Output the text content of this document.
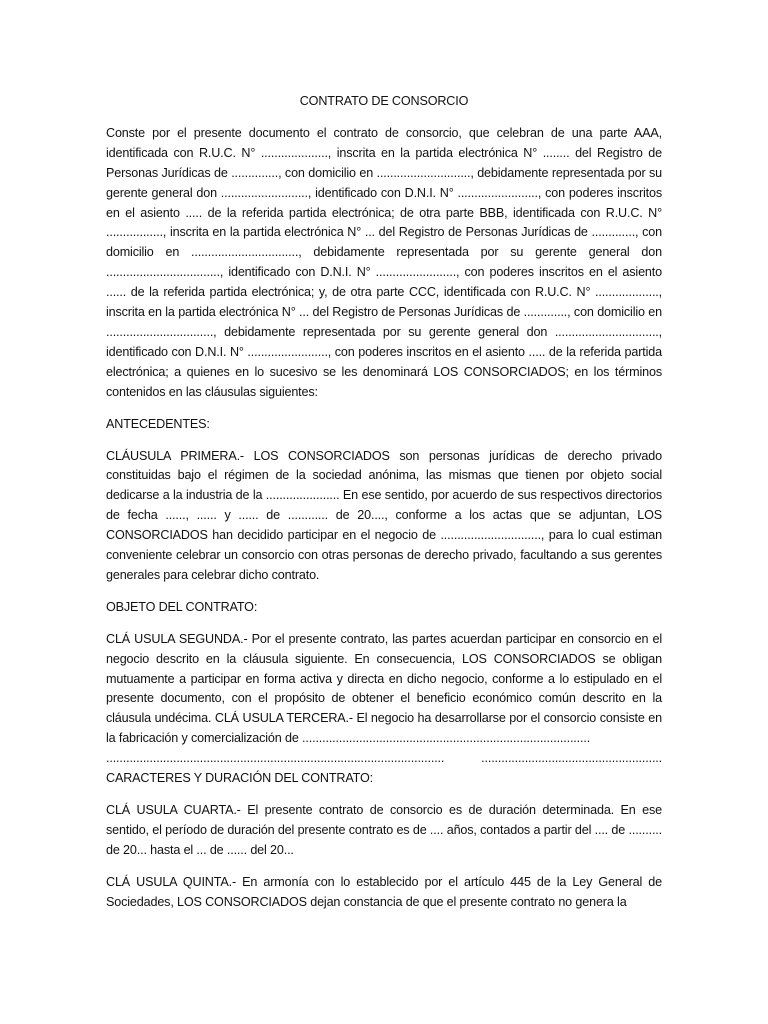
CONTRATO DE CONSORCIO

Conste por el presente documento el contrato de consorcio, que celebran de una parte AAA, identificada con R.U.C. N° ...................., inscrita en la partida electrónica N° ........ del Registro de Personas Jurídicas de .............., con domicilio en ............................, debidamente representada por su gerente general don .........................., identificado con D.N.I. N° ........................, con poderes inscritos en el asiento ..... de la referida partida electrónica; de otra parte BBB, identificada con R.U.C. N° ................., inscrita en la partida electrónica N° ... del Registro de Personas Jurídicas de ............., con domicilio en ................................, debidamente representada por su gerente general don .................................., identificado con D.N.I. N° ........................, con poderes inscritos en el asiento ...... de la referida partida electrónica; y, de otra parte CCC, identificada con R.U.C. N° ..................., inscrita en la partida electrónica N° ... del Registro de Personas Jurídicas de ............., con domicilio en ................................, debidamente representada por su gerente general don ..............................., identificado con D.N.I. N° ........................, con poderes inscritos en el asiento ..... de la referida partida electrónica; a quienes en lo sucesivo se les denominará LOS CONSORCIADOS; en los términos contenidos en las cláusulas siguientes:

ANTECEDENTES:

CLÁUSULA PRIMERA.- LOS CONSORCIADOS son personas jurídicas de derecho privado constituidas bajo el régimen de la sociedad anónima, las mismas que tienen por objeto social dedicarse a la industria de la ...................... En ese sentido, por acuerdo de sus respectivos directorios de fecha ......, ...... y ...... de ............ de 20...., conforme a los actas que se adjuntan, LOS CONSORCIADOS han decidido participar en el negocio de .............................., para lo cual estiman conveniente celebrar un consorcio con otras personas de derecho privado, facultando a sus gerentes generales para celebrar dicho contrato.

OBJETO DEL CONTRATO:

CLÁ USULA SEGUNDA.- Por el presente contrato, las partes acuerdan participar en consorcio en el negocio descrito en la cláusula siguiente. En consecuencia, LOS CONSORCIADOS se obligan mutuamente a participar en forma activa y directa en dicho negocio, conforme a lo estipulado en el presente documento, con el propósito de obtener el beneficio económico común descrito en la cláusula undécima. CLÁ USULA TERCERA.- El negocio ha desarrollarse por el consorcio consiste en la fabricación y comercialización de ......................................................................................

..................................................................................................... ......................................................
CARACTERES Y DURACIÓN DEL CONTRATO:

CLÁ USULA CUARTA.- El presente contrato de consorcio es de duración determinada. En ese sentido, el período de duración del presente contrato es de .... años, contados a partir del .... de .......... de 20... hasta el ... de ...... del 20...

CLÁ USULA QUINTA.- En armonía con lo establecido por el artículo 445 de la Ley General de Sociedades, LOS CONSORCIADOS dejan constancia de que el presente contrato no genera la
